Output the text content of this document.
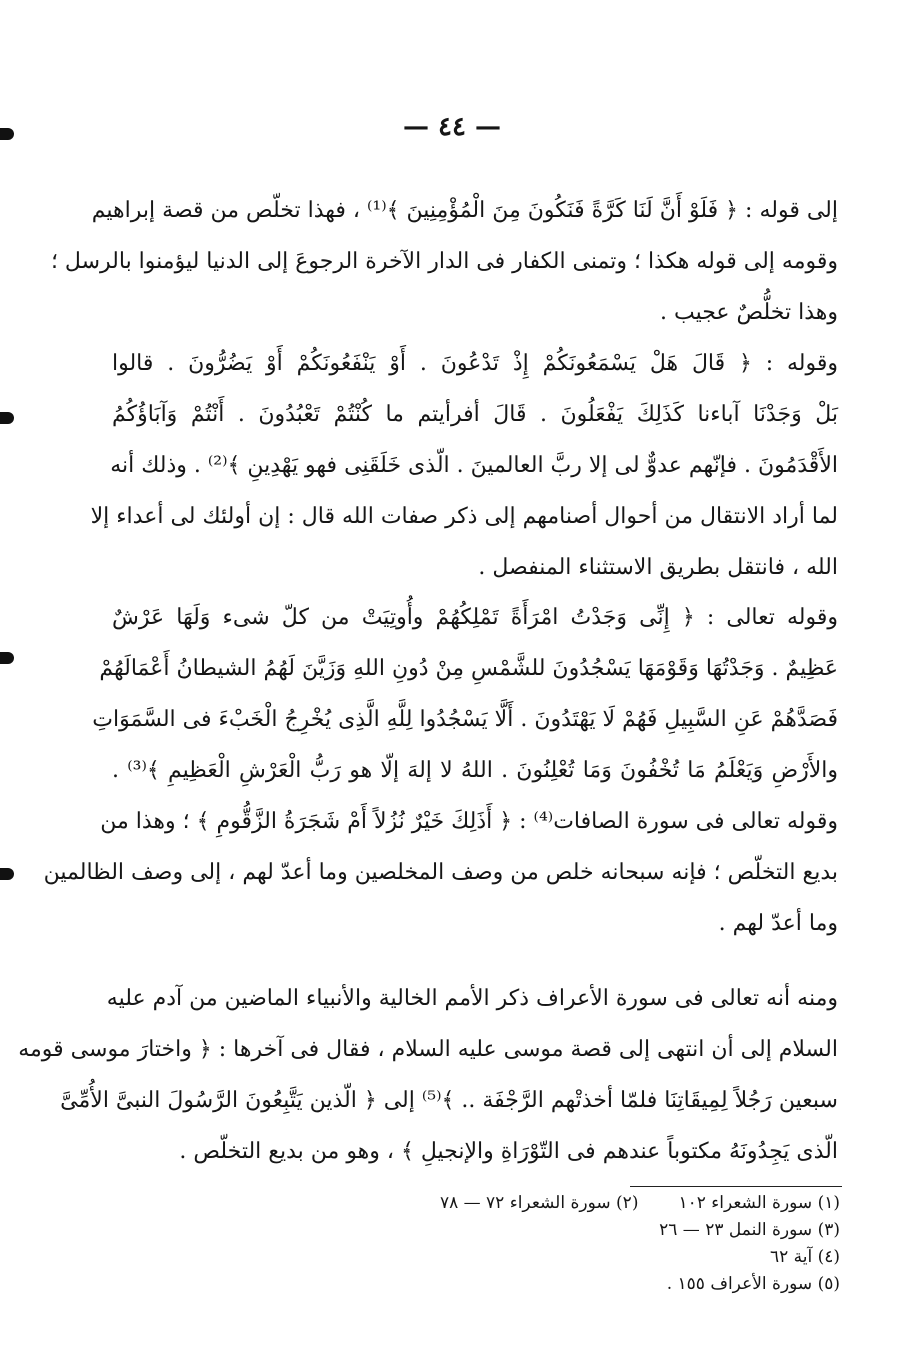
— ٤٤ —
إلى قوله : ﴿ فَلَوْ أَنَّ لَنَا كَرَّةً فَنَكُونَ مِنَ الْمُؤْمِنِينَ ﴾⁽¹⁾ ، فهذا تخلّص من قصة إبراهيم
وقومه إلى قوله هكذا ؛ وتمنى الكفار فى الدار الآخرة الرجوعَ إلى الدنيا ليؤمنوا بالرسل ؛
وهذا تخلُّصٌ عجيب .
وقوله : ﴿ قَالَ هَلْ يَسْمَعُونَكُمْ إِذْ تَدْعُونَ . أَوْ يَنْفَعُونَكُمْ أَوْ يَضُرُّونَ . قالوا
بَلْ وَجَدْنَا آباءنا كَذَلِكَ يَفْعَلُونَ . قَالَ أفرأيتم ما كُنْتُمْ تَعْبُدُونَ . أَنْتُمْ وَآبَاؤُكُمُ
الأَقْدَمُونَ . فإنّهم عدوٌّ لى إلا ربَّ العالمينَ . الّذى خَلَقَنِى فهو يَهْدِينِ ﴾⁽²⁾ . وذلك أنه
لما أراد الانتقال من أحوال أصنامهم إلى ذكر صفات الله قال : إن أولئك لى أعداء إلا
الله ، فانتقل بطريق الاستثناء المنفصل .
وقوله تعالى : ﴿ إِنِّى وَجَدْتُ امْرَأَةً تَمْلِكُهُمْ وأُوتِيَتْ من كلّ شىء وَلَهَا عَرْشٌ
عَظِيمٌ . وَجَدْتُهَا وَقَوْمَهَا يَسْجُدُونَ للشَّمْسِ مِنْ دُونِ اللهِ وَزَيَّنَ لَهُمُ الشيطانُ أَعْمَالَهُمْ
فَصَدَّهُمْ عَنِ السَّبِيلِ فَهُمْ لَا يَهْتَدُونَ . أَلَّا يَسْجُدُوا لِلَّهِ الَّذِى يُخْرِجُ الْخَبْءَ فى السَّمَوَاتِ
والأَرْضِ وَيَعْلَمُ مَا تُخْفُونَ وَمَا تُعْلِنُونَ . اللهُ لا إلهَ إلّا هو رَبُّ الْعَرْشِ الْعَظِيمِ ﴾⁽³⁾ .
وقوله تعالى فى سورة الصافات⁽⁴⁾ : ﴿ أَذَلِكَ خَيْرٌ نُزُلاً أَمْ شَجَرَةُ الزَّقُّومِ ﴾ ؛ وهذا من
بديع التخلّص ؛ فإنه سبحانه خلص من وصف المخلصين وما أعدّ لهم ، إلى وصف الظالمين
وما أعدّ لهم .
ومنه أنه تعالى فى سورة الأعراف ذكر الأمم الخالية والأنبياء الماضين من آدم عليه
السلام إلى أن انتهى إلى قصة موسى عليه السلام ، فقال فى آخرها : ﴿ واختارَ موسى قومه
سبعين رَجُلاً لِمِيقَاتِنَا فلمّا أخذتْهم الرَّجْفَة .. ﴾⁽⁵⁾ إلى ﴿ الّذين يَتَّبِعُونَ الرَّسُولَ النبىَّ الأُمِّىَّ
الّذى يَجِدُونَهُ مكتوباً عندهم فى التّوْرَاةِ والإنجيلِ ﴾ ، وهو من بديع التخلّص .
(١) سورة الشعراء ١٠٢
(٢) سورة الشعراء ٧٢ — ٧٨
(٣) سورة النمل ٢٣ — ٢٦
(٤) آية ٦٢
(٥) سورة الأعراف ١٥٥ .
